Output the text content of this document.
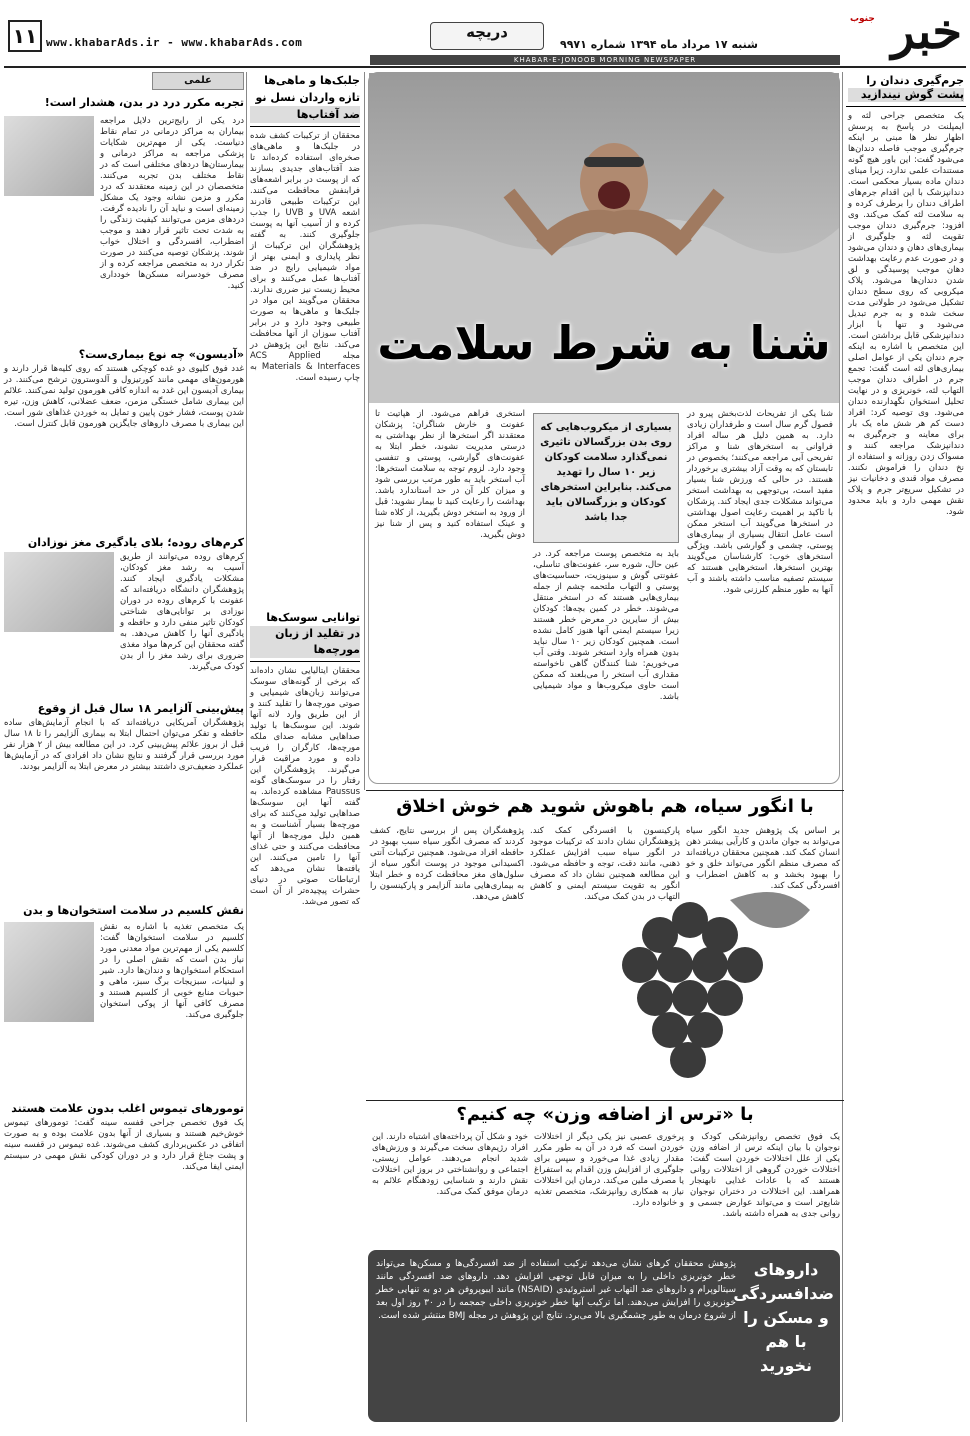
۱۱ www.khabarAds.ir - www.khabarAds.com
دریچه
شنبه ۱۷ مرداد ماه ۱۳۹۴ شماره ۹۹۷۱	خبر
جنوب
KHABAR-E-JONOOB MORNING NEWSPAPER
جرم‌گیری دندان را
پشت گوش نیندازید
یک متخصص جراحی لثه و ایمپلنت در پاسخ به پرسش اظهار نظر ها مبنی بر اینکه جرم‌گیری موجب فاصله دندان‌ها می‌شود گفت: این باور هیچ گونه مستندات علمی ندارد، زیرا مینای دندان ماده بسیار محکمی است. دندانپزشک با این اقدام جرم‌های اطراف دندان را برطرف کرده و به سلامت لثه کمک می‌کند. وی افزود: جرم‌گیری دندان موجب تقویت لثه و جلوگیری از بیماری‌های دهان و دندان می‌شود و در صورت عدم رعایت بهداشت دهان موجب پوسیدگی و لق شدن دندان‌ها می‌شود. پلاک میکروبی که روی سطح دندان تشکیل می‌شود در طولانی مدت سخت شده و به جرم تبدیل می‌شود و تنها با ابزار دندانپزشکی قابل برداشتن است. این متخصص با اشاره به اینکه جرم دندان یکی از عوامل اصلی بیماری‌های لثه است گفت: تجمع جرم در اطراف دندان موجب التهاب لثه، خونریزی و در نهایت تحلیل استخوان نگهدارنده دندان می‌شود. وی توصیه کرد: افراد دست کم هر شش ماه یک بار برای معاینه و جرم‌گیری به دندانپزشک مراجعه کنند و مسواک زدن روزانه و استفاده از نخ دندان را فراموش نکنند. مصرف مواد قندی و دخانیات نیز در تشکیل سریع‌تر جرم و پلاک نقش مهمی دارد و باید محدود شود.
شنا به شرط سلامت
شنا یکی از تفریحات لذت‌بخش پیرو در فصول گرم سال است و طرفداران زیادی دارد. به همین دلیل هر ساله افراد فراوانی به استخرهای شنا و مراکز تفریحی آبی مراجعه می‌کنند؛ بخصوص در تابستان که به وقت آزاد بیشتری برخوردار هستند. در حالی که ورزش شنا بسیار مفید است، بی‌توجهی به بهداشت استخر می‌تواند مشکلات جدی ایجاد کند. پزشکان با تاکید بر اهمیت رعایت اصول بهداشتی در استخرها می‌گویند آب استخر ممکن است عامل انتقال بسیاری از بیماری‌های پوستی، چشمی و گوارشی باشد. ویژگی استخرهای خوب: کارشناسان می‌گویند بهترین استخرها، استخرهایی هستند که سیستم تصفیه مناسب داشته باشند و آب آنها به طور منظم کلرزنی شود.
باید به متخصص پوست مراجعه کرد. در عین حال، شوره سر، عفونت‌های تناسلی، عفونتی گوش و سینوزیت، حساسیت‌های پوستی و التهاب ملتحمه چشم از جمله بیماری‌هایی هستند که در استخر منتقل می‌شوند. خطر در کمین بچه‌ها: کودکان بیش از سایرین در معرض خطر هستند زیرا سیستم ایمنی آنها هنوز کامل نشده است. همچنین کودکان زیر ۱۰ سال نباید بدون همراه وارد استخر شوند. وقتی آب می‌خوریم: شنا کنندگان گاهی ناخواسته مقداری آب استخر را می‌بلعند که ممکن است حاوی میکروب‌ها و مواد شیمیایی باشد.
استخری فراهم می‌شود. از هپاتیت تا عفونت و خارش شناگران: پزشکان معتقدند اگر استخرها از نظر بهداشتی به درستی مدیریت نشوند، خطر ابتلا به عفونت‌های گوارشی، پوستی و تنفسی وجود دارد. لزوم توجه به سلامت استخرها: آب استخر باید به طور مرتب بررسی شود و میزان کلر آن در حد استاندارد باشد. بهداشت را رعایت کنید تا بیمار نشوید: قبل از ورود به استخر دوش بگیرید، از کلاه شنا و عینک استفاده کنید و پس از شنا نیز دوش بگیرید.
بسیاری از میکروب‌هایی که روی بدن بزرگسالان تاثیری نمی‌گذارد سلامت کودکان زیر ۱۰ سال را تهدید می‌کند. بنابراین استخرهای کودکان و بزرگسالان باید جدا باشد
جلبک‌ها و ماهی‌ها
تازه واردان نسل نو
ضد آفتاب‌ها
محققان از ترکیبات کشف شده در جلبک‌ها و ماهی‌های صخره‌ای استفاده کرده‌اند تا ضد آفتاب‌های جدیدی بسازند که از پوست در برابر اشعه‌های فرابنفش محافظت می‌کنند. این ترکیبات طبیعی قادرند اشعه UVA و UVB را جذب کرده و از آسیب آنها به پوست جلوگیری کنند. به گفته پژوهشگران این ترکیبات از نظر پایداری و ایمنی بهتر از مواد شیمیایی رایج در ضد آفتاب‌ها عمل می‌کنند و برای محیط زیست نیز ضرری ندارند. محققان می‌گویند این مواد در جلبک‌ها و ماهی‌ها به صورت طبیعی وجود دارد و در برابر آفتاب سوزان از آنها محافظت می‌کند. نتایج این پژوهش در مجله ACS Applied Materials & Interfaces به چاپ رسیده است.
علمی
تجربه مکرر درد در بدن، هشدار است!
درد یکی از رایج‌ترین دلایل مراجعه بیماران به مراکز درمانی در تمام نقاط دنیاست. یکی از مهم‌ترین شکایات پزشکی مراجعه به مراکز درمانی و بیمارستان‌ها دردهای مختلفی است که در نقاط مختلف بدن تجربه می‌کنند. متخصصان در این زمینه معتقدند که درد مکرر و مزمن نشانه وجود یک مشکل زمینه‌ای است و نباید آن را نادیده گرفت. دردهای مزمن می‌توانند کیفیت زندگی را به شدت تحت تاثیر قرار دهند و موجب اضطراب، افسردگی و اختلال خواب شوند. پزشکان توصیه می‌کنند در صورت تکرار درد به متخصص مراجعه کرده و از مصرف خودسرانه مسکن‌ها خودداری کنید.
«آدیسون» چه نوع بیماری‌ست؟
غدد فوق کلیوی دو غده کوچکی هستند که روی کلیه‌ها قرار دارند و هورمون‌های مهمی مانند کورتیزول و آلدوسترون ترشح می‌کنند. در بیماری آدیسون این غدد به اندازه کافی هورمون تولید نمی‌کنند. علائم این بیماری شامل خستگی مزمن، ضعف عضلانی، کاهش وزن، تیره شدن پوست، فشار خون پایین و تمایل به خوردن غذاهای شور است. این بیماری با مصرف داروهای جایگزین هورمون قابل کنترل است.
کرم‌های روده؛ بلای یادگیری مغز نوزادان
کرم‌های روده می‌توانند از طریق آسیب به رشد مغز کودکان، مشکلات یادگیری ایجاد کنند. پژوهشگران دانشگاه دریافته‌اند که عفونت با کرم‌های روده در دوران نوزادی بر توانایی‌های شناختی کودکان تاثیر منفی دارد و حافظه و یادگیری آنها را کاهش می‌دهد. به گفته محققان این کرم‌ها مواد مغذی ضروری برای رشد مغز را از بدن کودک می‌گیرند.
پیش‌بینی آلزایمر ۱۸ سال قبل از وقوع
پژوهشگران آمریکایی دریافته‌اند که با انجام آزمایش‌های ساده حافظه و تفکر می‌توان احتمال ابتلا به بیماری آلزایمر را تا ۱۸ سال قبل از بروز علائم پیش‌بینی کرد. در این مطالعه بیش از ۲ هزار نفر مورد بررسی قرار گرفتند و نتایج نشان داد افرادی که در آزمایش‌ها عملکرد ضعیف‌تری داشتند بیشتر در معرض ابتلا به آلزایمر بودند.
نقش کلسیم در سلامت استخوان‌ها و بدن
یک متخصص تغذیه با اشاره به نقش کلسیم در سلامت استخوان‌ها گفت: کلسیم یکی از مهم‌ترین مواد معدنی مورد نیاز بدن است که نقش اصلی را در استحکام استخوان‌ها و دندان‌ها دارد. شیر و لبنیات، سبزیجات برگ سبز، ماهی و حبوبات منابع خوبی از کلسیم هستند و مصرف کافی آنها از پوکی استخوان جلوگیری می‌کند.
تومورهای تیموس اغلب بدون علامت هستند
یک فوق تخصص جراحی قفسه سینه گفت: تومورهای تیموس خوش‌خیم هستند و بسیاری از آنها بدون علامت بوده و به صورت اتفاقی در عکس‌برداری کشف می‌شوند. غده تیموس در قفسه سینه و پشت جناغ قرار دارد و در دوران کودکی نقش مهمی در سیستم ایمنی ایفا می‌کند.
توانایی سوسک‌ها
در تقلید از زبان مورچه‌ها
محققان ایتالیایی نشان داده‌اند که برخی از گونه‌های سوسک می‌توانند زبان‌های شیمیایی و صوتی مورچه‌ها را تقلید کنند و از این طریق وارد لانه آنها شوند. این سوسک‌ها با تولید صداهایی مشابه صدای ملکه مورچه‌ها، کارگران را فریب داده و مورد مراقبت قرار می‌گیرند. پژوهشگران این رفتار را در سوسک‌های گونه Paussus مشاهده کرده‌اند. به گفته آنها این سوسک‌ها صداهایی تولید می‌کنند که برای مورچه‌ها بسیار آشناست و به همین دلیل مورچه‌ها از آنها محافظت می‌کنند و حتی غذای آنها را تامین می‌کنند. این یافته‌ها نشان می‌دهد که ارتباطات صوتی در دنیای حشرات پیچیده‌تر از آن است که تصور می‌شد.
با انگور سیاه، هم باهوش شوید هم خوش اخلاق
بر اساس یک پژوهش جدید انگور سیاه می‌تواند به جوان ماندن و کارآیی بیشتر ذهن انسان کمک کند. همچنین محققان دریافته‌اند که مصرف منظم انگور می‌تواند خلق و خو را بهبود بخشد و به کاهش اضطراب و افسردگی کمک کند.
پارکینسون با افسردگی کمک کند. پژوهشگران نشان دادند که ترکیبات موجود در انگور سیاه سبب افزایش عملکرد ذهنی، مانند دقت، توجه و حافظه می‌شود. این مطالعه همچنین نشان داد که مصرف انگور به تقویت سیستم ایمنی و کاهش التهاب در بدن کمک می‌کند.
پژوهشگران پس از بررسی نتایج، کشف کردند که مصرف انگور سیاه سبب بهبود در حافظه افراد می‌شود. همچنین ترکیبات آنتی اکسیدانی موجود در پوست انگور سیاه از سلول‌های مغز محافظت کرده و خطر ابتلا به بیماری‌هایی مانند آلزایمر و پارکینسون را کاهش می‌دهد.
با «ترس از اضافه وزن» چه کنیم؟
یک فوق تخصص روانپزشکی کودک و نوجوان با بیان اینکه ترس از اضافه وزن یکی از علل اختلالات خوردن است گفت: اختلالات خوردن گروهی از اختلالات روانی هستند که با عادات غذایی نابهنجار همراهند. این اختلالات در دختران نوجوان شایع‌تر است و می‌تواند عوارض جسمی و روانی جدی به همراه داشته باشد.
پرخوری عصبی نیز یکی دیگر از اختلالات خوردن است که فرد در آن به طور مکرر مقدار زیادی غذا می‌خورد و سپس برای جلوگیری از افزایش وزن اقدام به استفراغ یا مصرف ملین می‌کند. درمان این اختلالات نیاز به همکاری روانپزشک، متخصص تغذیه و خانواده دارد.
خود و شکل آن پرداخته‌های اشتباه دارند. این افراد رژیم‌های سخت می‌گیرند و ورزش‌های شدید انجام می‌دهند. عوامل زیستی، اجتماعی و روانشناختی در بروز این اختلالات نقش دارند و شناسایی زودهنگام علائم به درمان موفق کمک می‌کند.
داروهای
ضدافسردگی
و مسکن را
با هم نخورید
پژوهش محققان کرهای نشان می‌دهد ترکیب استفاده از ضد افسردگی‌ها و مسکن‌ها می‌تواند خطر خونریزی داخلی را به میزان قابل توجهی افزایش دهد. داروهای ضد افسردگی مانند سیتالوپرام و داروهای ضد التهاب غیر استروئیدی (NSAID) مانند ایبوپروفن هر دو به تنهایی خطر خونریزی را افزایش می‌دهند. اما ترکیب آنها خطر خونریزی داخلی جمجمه را در ۳۰ روز اول بعد از شروع درمان به طور چشمگیری بالا می‌برد. نتایج این پژوهش در مجله BMJ منتشر شده است.
